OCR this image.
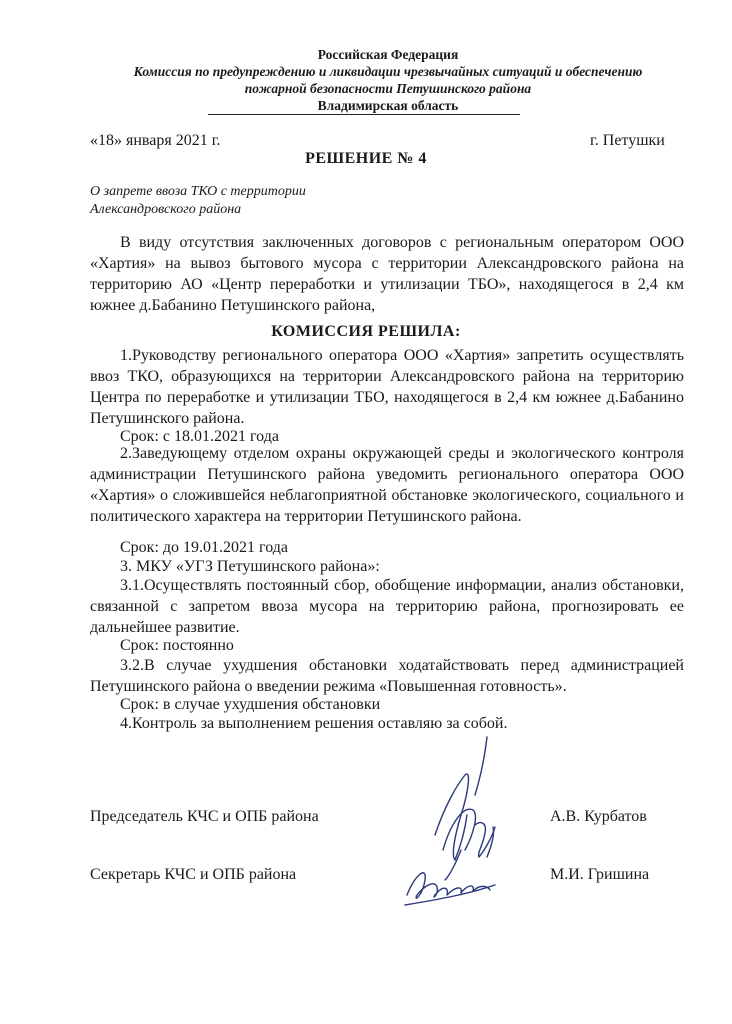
Российская Федерация
Комиссия по предупреждению и ликвидации чрезвычайных ситуаций и обеспечению
пожарной безопасности Петушинского района
Владимирская область
«18» января 2021 г.	г. Петушки
РЕШЕНИЕ № 4
О запрете ввоза ТКО с территории
Александровского района
В виду отсутствия заключенных договоров с региональным оператором ООО «Хартия» на вывоз бытового мусора с территории Александровского района на территорию АО «Центр переработки и утилизации ТБО», находящегося в 2,4 км южнее д.Бабанино Петушинского района,
КОМИССИЯ РЕШИЛА:
1.Руководству регионального оператора ООО «Хартия» запретить осуществлять ввоз ТКО, образующихся на территории Александровского района на территорию Центра по переработке и утилизации ТБО, находящегося в 2,4 км южнее д.Бабанино Петушинского района.
Срок: с 18.01.2021 года
2.Заведующему отделом охраны окружающей среды и экологического контроля администрации Петушинского района уведомить регионального оператора ООО «Хартия» о сложившейся неблагоприятной обстановке экологического, социального и политического характера на территории Петушинского района.
Срок: до 19.01.2021 года
3. МКУ «УГЗ Петушинского района»:
3.1.Осуществлять постоянный сбор, обобщение информации, анализ обстановки, связанной с запретом ввоза мусора на территорию района, прогнозировать ее дальнейшее развитие.
Срок: постоянно
3.2.В случае ухудшения обстановки ходатайствовать перед администрацией Петушинского района о введении режима «Повышенная готовность».
Срок: в случае ухудшения обстановки
4.Контроль за выполнением решения оставляю за собой.
Председатель КЧС и ОПБ района	А.В. Курбатов
Секретарь КЧС и ОПБ района	М.И. Гришина
